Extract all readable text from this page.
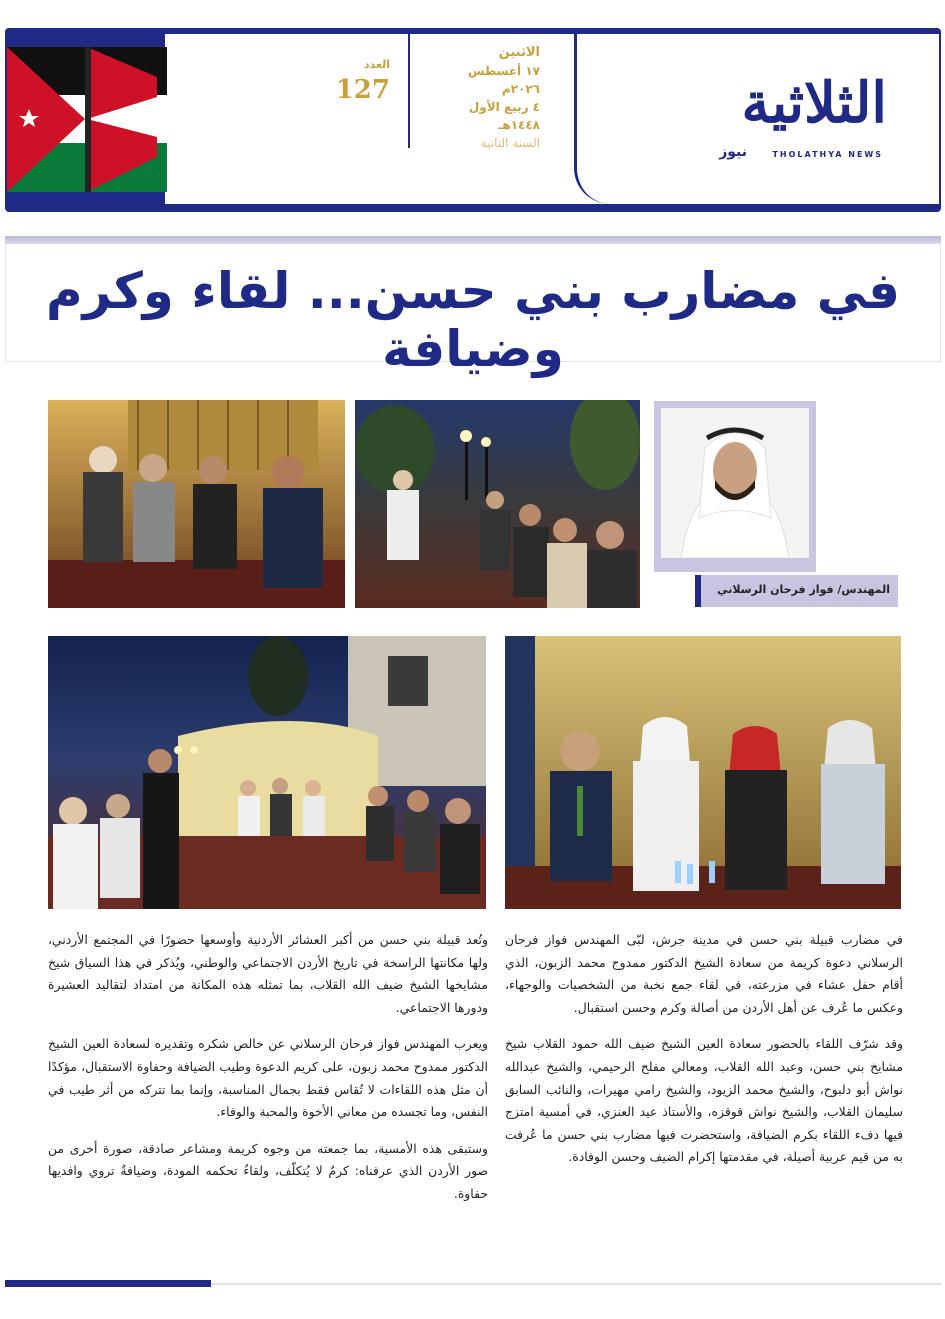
الثلاثية
نيوز	THOLATHYA NEWS
الاثنين
١٧ أغسطس ٢٠٢٦م
٤ ربيع الأول ١٤٤٨هـ
السنة الثانية
العدد
127
في مضارب بني حسن... لقاء وكرم وضيافة
المهندس/ فواز فرحان الرسلاني

في مضارب قبيلة بني حسن في مدينة جرش، لبّى المهندس فواز فرحان الرسلاني دعوة كريمة من سعادة الشيخ الدكتور ممدوح محمد الزبون، الذي أقام حفل عشاء في مزرعته، في لقاء جمع نخبة من الشخصيات والوجهاء، وعكس ما عُرف عن أهل الأردن من أصالة وكرم وحسن استقبال.

وقد شرّف اللقاء بالحضور سعادة العين الشيخ ضيف الله حمود القلاب شيخ مشايخ بني حسن، وعبد الله القلاب، ومعالي مفلح الرحيمي، والشيخ عبدالله نواش أبو دلبوح، والشيخ محمد الزيود، والشيخ رامي مهيرات، والنائب السابق سليمان القلاب، والشيخ نواش قوقزه، والأستاذ عيد العنزي، في أمسية امتزج فيها دفء اللقاء بكرم الضيافة، واستحضرت فيها مضارب بني حسن ما عُرفت به من قيم عربية أصيلة، في مقدمتها إكرام الضيف وحسن الوفادة.

وتُعد قبيلة بني حسن من أكبر العشائر الأردنية وأوسعها حضورًا في المجتمع الأردني، ولها مكانتها الراسخة في تاريخ الأردن الاجتماعي والوطني، ويُذكر في هذا السياق شيخ مشايخها الشيخ ضيف الله القلاب، بما تمثله هذه المكانة من امتداد لتقاليد العشيرة ودورها الاجتماعي.

ويعرب المهندس فواز فرحان الرسلاني عن خالص شكره وتقديره لسعادة العين الشيخ الدكتور ممدوح محمد زبون، على كريم الدعوة وطيب الضيافة وحفاوة الاستقبال، مؤكدًا أن مثل هذه اللقاءات لا تُقاس فقط بجمال المناسبة، وإنما بما تتركه من أثر طيب في النفس، وما تجسده من معاني الأخوة والمحبة والوفاء.

وستبقى هذه الأمسية، بما جمعته من وجوه كريمة ومشاعر صادقة، صورة أخرى من صور الأردن الذي عرفناه: كرمٌ لا يُتكلّف، ولقاءٌ تحكمه المودة، وضيافةٌ تروي وافديها حفاوة.
